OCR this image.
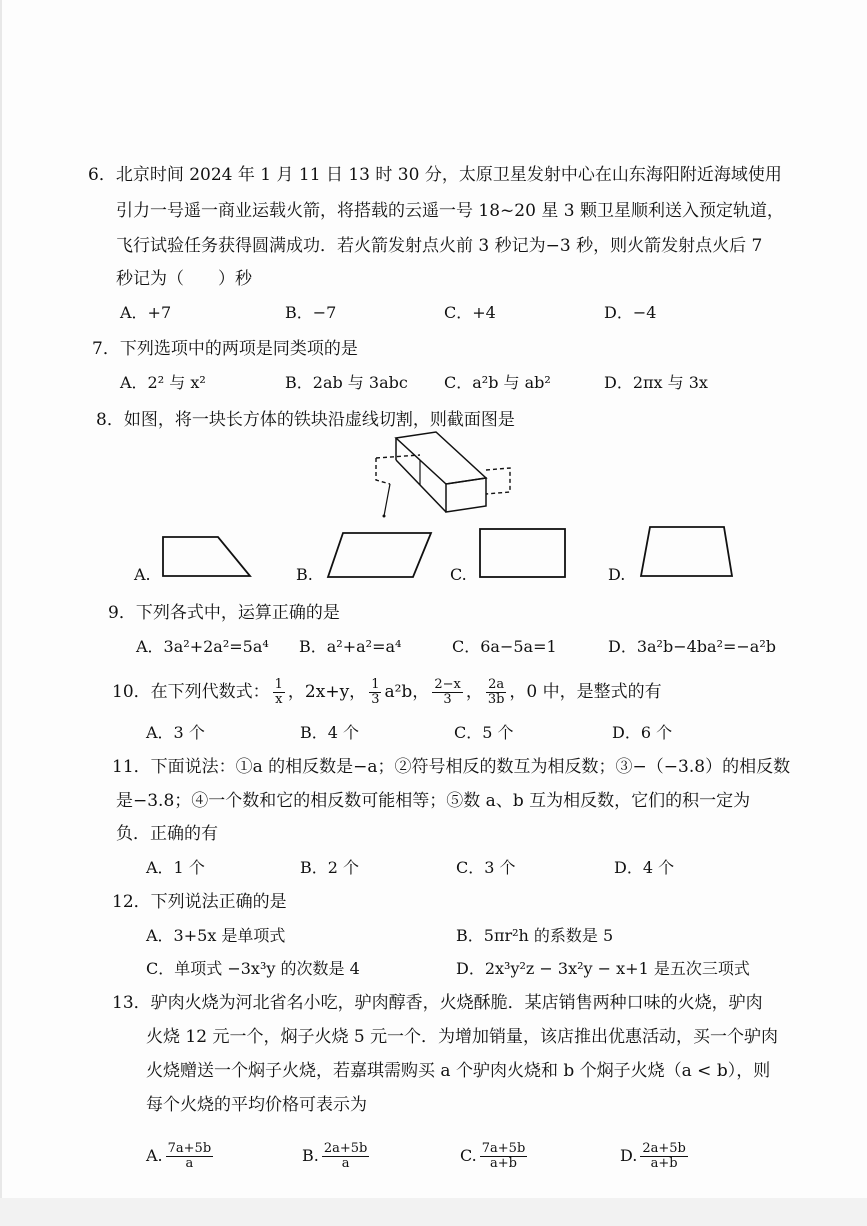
6．北京时间 2024 年 1 月 11 日 13 时 30 分，太原卫星发射中心在山东海阳附近海域使用
引力一号遥一商业运载火箭，将搭载的云遥一号 18~20 星 3 颗卫星顺利送入预定轨道，
飞行试验任务获得圆满成功．若火箭发射点火前 3 秒记为−3 秒，则火箭发射点火后 7
秒记为（　　）秒
A．+7	B．−7	C．+4	D．−4
7．下列选项中的两项是同类项的是
A．2² 与 x²	B．2ab 与 3abc C．a²b 与 ab²	D．2πx 与 3x
8．如图，将一块长方体的铁块沿虚线切割，则截面图是
A.	B.	C.	D.
9．下列各式中，运算正确的是
A．3a²+2a²=5a⁴ B．a²+a²=a⁴	C．6a−5a=1	D．3a²b−4ba²=−a²b
10．在下列代数式： $\frac{1}{x}$ ，2x+y， $\frac{1}{3} a^2b$， $\frac{2-x}{3}$ ， $\frac{2a}{3b}$ ，0 中，是整式的有
A．3 个	B．4 个	C．5 个	D．6 个
11．下面说法：①a 的相反数是−a；②符号相反的数互为相反数；③−（−3.8）的相反数
是−3.8；④一个数和它的相反数可能相等；⑤数 a、b 互为相反数，它们的积一定为
负．正确的有
A．1 个	B．2 个	C．3 个	D．4 个
12．下列说法正确的是
A．3+5x 是单项式	B．5πr²h 的系数是 5
C．单项式 −3x³y 的次数是 4	D．2x³y²z − 3x²y − x+1 是五次三项式
13．驴肉火烧为河北省名小吃，驴肉醇香，火烧酥脆．某店销售两种口味的火烧，驴肉
火烧 12 元一个，焖子火烧 5 元一个．为增加销量，该店推出优惠活动，买一个驴肉
火烧赠送一个焖子火烧，若嘉琪需购买 a 个驴肉火烧和 b 个焖子火烧（a < b），则
每个火烧的平均价格可表示为
A. $\frac{7a+5b}{a}$	B. $\frac{2a+5b}{a}$	C. $\frac{7a+5b}{a+b}$	D. $\frac{2a+5b}{a+b}$
